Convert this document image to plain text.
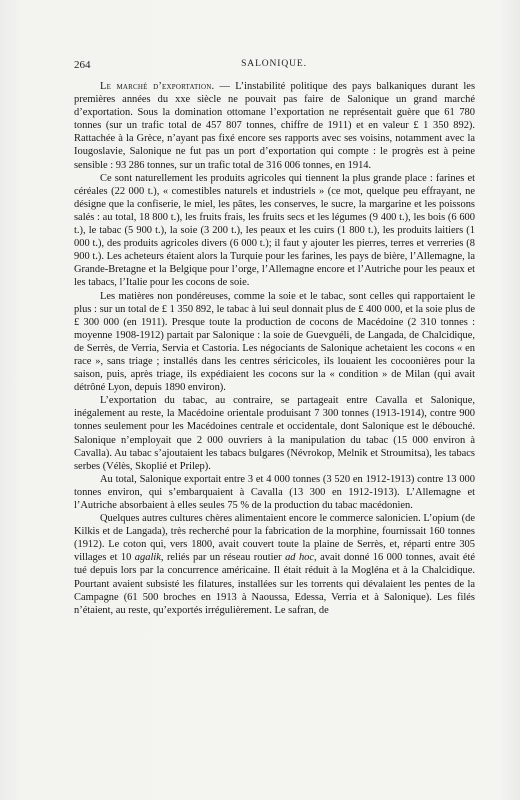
264	SALONIQUE.

Le marché d’exportation. — L’instabilité politique des pays balkaniques durant les premières années du xxe siècle ne pouvait pas faire de Salonique un grand marché d’exportation. Sous la domination ottomane l’exportation ne représentait guère que 61 780 tonnes (sur un trafic total de 457 807 tonnes, chiffre de 1911) et en valeur £ 1 350 892). Rattachée à la Grèce, n’ayant pas fixé encore ses rapports avec ses voisins, notamment avec la Iougoslavie, Salonique ne fut pas un port d’exportation qui compte : le progrès est à peine sensible : 93 286 tonnes, sur un trafic total de 316 006 tonnes, en 1914.

Ce sont naturellement les produits agricoles qui tiennent la plus grande place : farines et céréales (22 000 t.), « comestibles naturels et industriels » (ce mot, quelque peu effrayant, ne désigne que la confiserie, le miel, les pâtes, les conserves, le sucre, la margarine et les poissons salés : au total, 18 800 t.), les fruits frais, les fruits secs et les légumes (9 400 t.), les bois (6 600 t.), le tabac (5 900 t.), la soie (3 200 t.), les peaux et les cuirs (1 800 t.), les produits laitiers (1 000 t.), des produits agricoles divers (6 000 t.); il faut y ajouter les pierres, terres et verreries (8 900 t.). Les acheteurs étaient alors la Turquie pour les farines, les pays de bière, l’Allemagne, la Grande-Bretagne et la Belgique pour l’orge, l’Allemagne encore et l’Autriche pour les peaux et les tabacs, l’Italie pour les cocons de soie.

Les matières non pondéreuses, comme la soie et le tabac, sont celles qui rapportaient le plus : sur un total de £ 1 350 892, le tabac à lui seul donnait plus de £ 400 000, et la soie plus de £ 300 000 (en 1911). Presque toute la production de cocons de Macédoine (2 310 tonnes : moyenne 1908-1912) partait par Salonique : la soie de Guevguéli, de Langada, de Chalcidique, de Serrès, de Verria, Servia et Castoria. Les négociants de Salonique achetaient les cocons « en race », sans triage ; installés dans les centres séricicoles, ils louaient les cocoonières pour la saison, puis, après triage, ils expédiaient les cocons sur la « condition » de Milan (qui avait détrôné Lyon, depuis 1890 environ).

L’exportation du tabac, au contraire, se partageait entre Cavalla et Salonique, inégalement au reste, la Macédoine orientale produisant 7 300 tonnes (1913-1914), contre 900 tonnes seulement pour les Macédoines centrale et occidentale, dont Salonique est le débouché. Salonique n’employait que 2 000 ouvriers à la manipulation du tabac (15 000 environ à Cavalla). Au tabac s’ajoutaient les tabacs bulgares (Névrokop, Melnik et Stroumitsa), les tabacs serbes (Vélès, Skoplié et Prilep).

Au total, Salonique exportait entre 3 et 4 000 tonnes (3 520 en 1912-1913) contre 13 000 tonnes environ, qui s’embarquaient à Cavalla (13 300 en 1912-1913). L’Allemagne et l’Autriche absorbaient à elles seules 75 % de la production du tabac macédonien.

Quelques autres cultures chères alimentaient encore le commerce salonicien. L’opium (de Kilkis et de Langada), très recherché pour la fabrication de la morphine, fournissait 160 tonnes (1912). Le coton qui, vers 1800, avait couvert toute la plaine de Serrès, et, réparti entre 305 villages et 10 agalik, reliés par un réseau routier ad hoc, avait donné 16 000 tonnes, avait été tué depuis lors par la concurrence américaine. Il était réduit à la Mogléna et à la Chalcidique. Pourtant avaient subsisté les filatures, installées sur les torrents qui dévalaient les pentes de la Campagne (61 500 broches en 1913 à Naoussa, Edessa, Verria et à Salonique). Les filés n’étaient, au reste, qu’exportés irrégulièrement. Le safran, de
